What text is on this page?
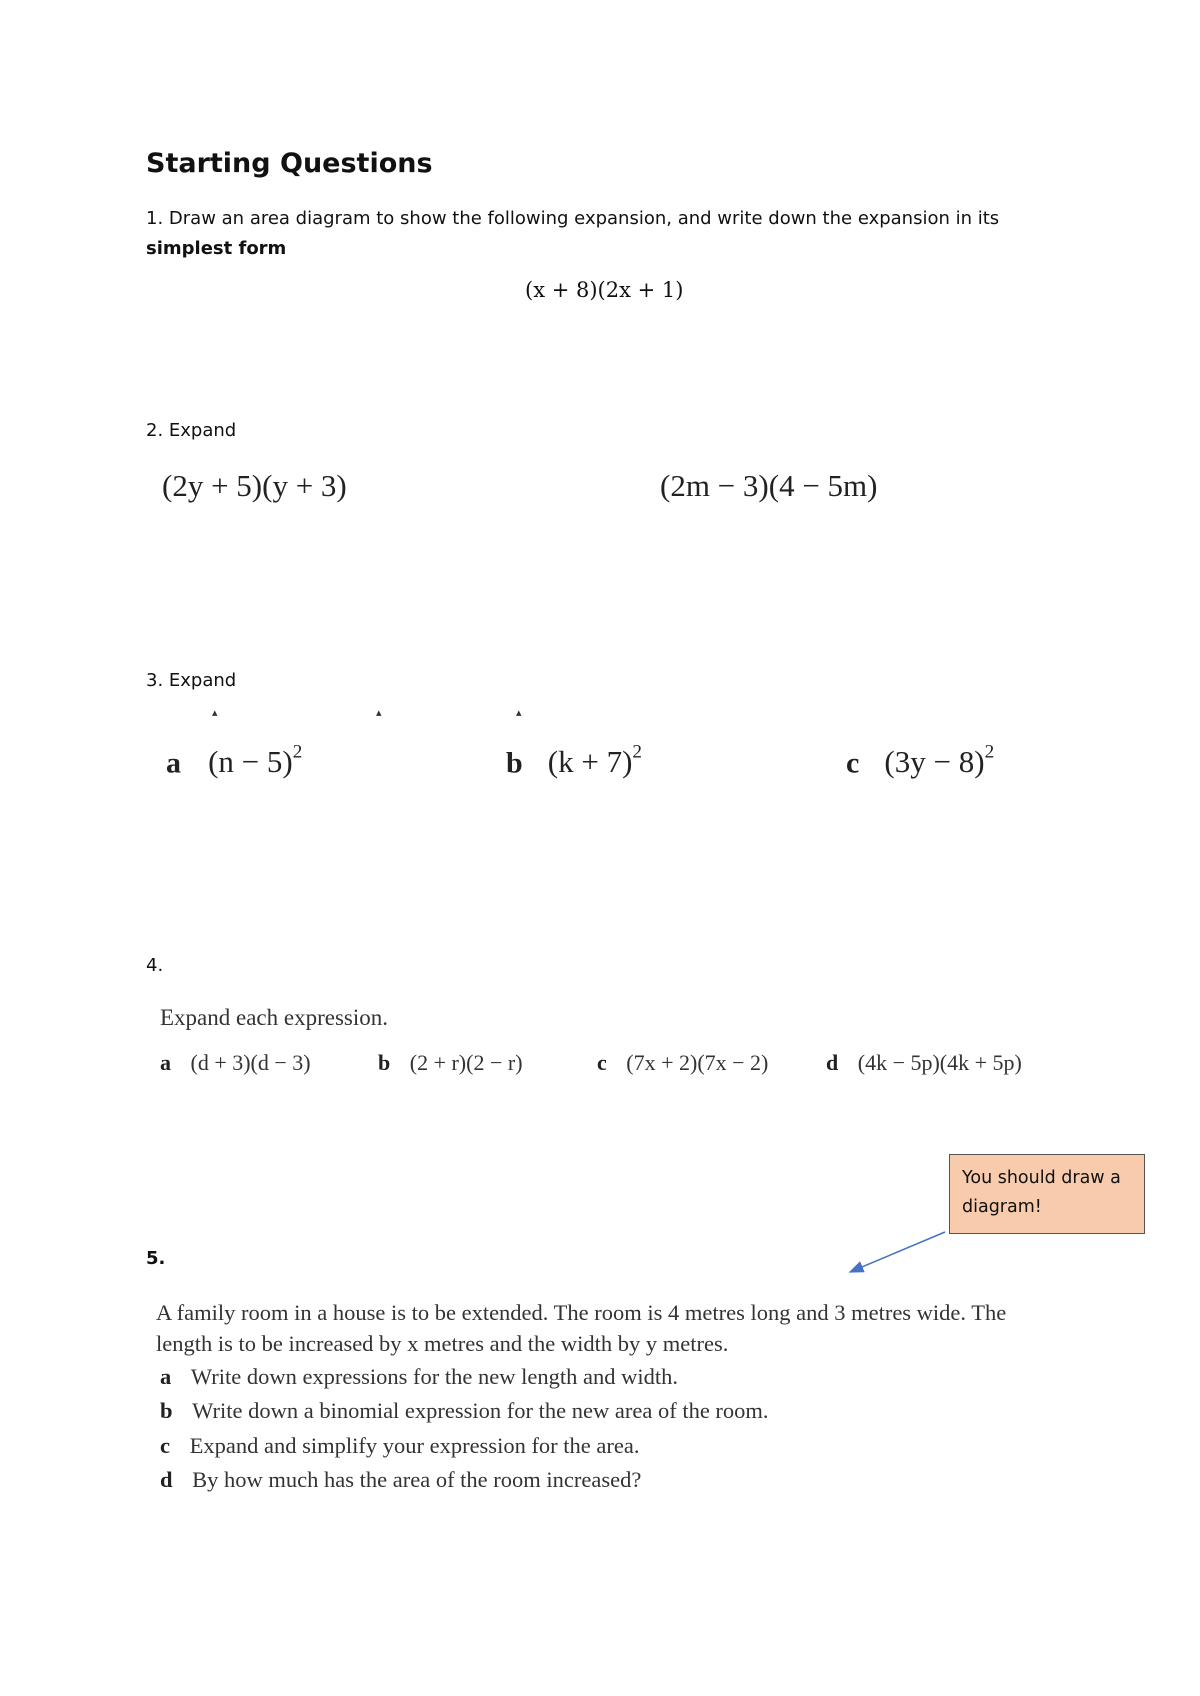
Starting Questions
1. Draw an area diagram to show the following expansion, and write down the expansion in its
simplest form
(x + 8)(2x + 1)
2. Expand
(2y + 5)(y + 3)	(2m − 3)(4 − 5m)
3. Expand
▴	▴	▴
a $(n - 5)^2$	b $(k + 7)^2$	c $(3y - 8)^2$
4.
Expand each expression.
a (d + 3)(d − 3)	b (2 + r)(2 − r)	c (7x + 2)(7x − 2)	d (4k − 5p)(4k + 5p)
You should draw a diagram!
5.
A family room in a house is to be extended. The room is 4 metres long and 3 metres wide. The
length is to be increased by x metres and the width by y metres.
a Write down expressions for the new length and width.
b Write down a binomial expression for the new area of the room.
c Expand and simplify your expression for the area.
d By how much has the area of the room increased?
